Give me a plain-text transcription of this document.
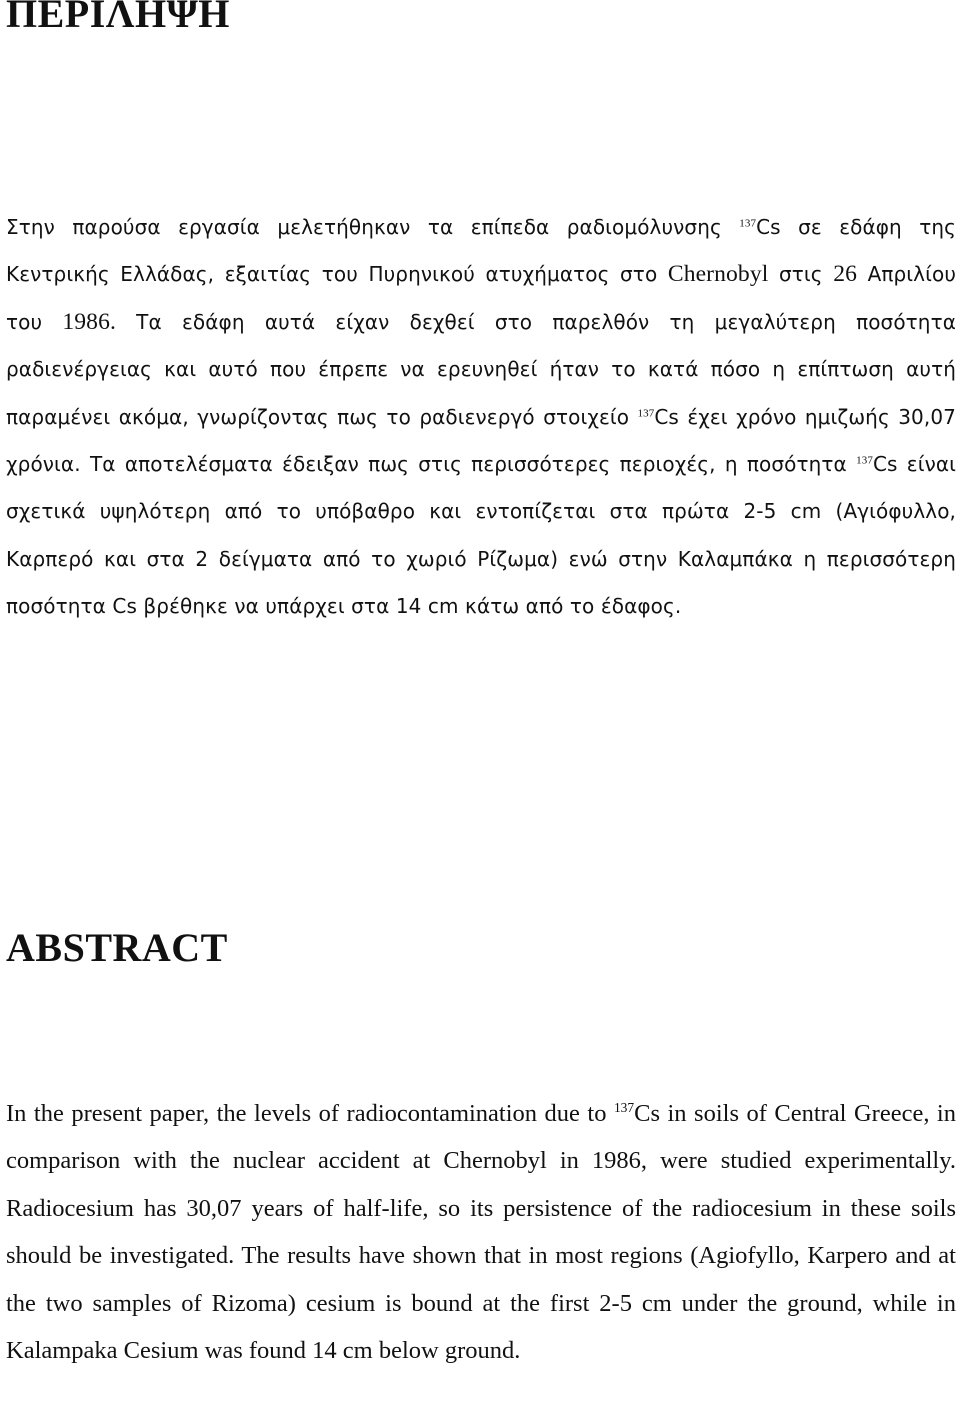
ΠΕΡΙΛΗΨΗ

Στην παρούσα εργασία μελετήθηκαν τα επίπεδα ραδιομόλυνσης $^{137}$Cs σε εδάφη της Κεντρικής Ελλάδας, εξαιτίας του Πυρηνικού ατυχήματος στο Chernobyl στις 26 Απριλίου του 1986. Τα εδάφη αυτά είχαν δεχθεί στο παρελθόν τη μεγαλύτερη ποσότητα ραδιενέργειας και αυτό που έπρεπε να ερευνηθεί ήταν το κατά πόσο η επίπτωση αυτή παραμένει ακόμα, γνωρίζοντας πως το ραδιενεργό στοιχείο $^{137}$Cs έχει χρόνο ημιζωής 30,07 χρόνια. Τα αποτελέσματα έδειξαν πως στις περισσότερες περιοχές, η ποσότητα $^{137}$Cs είναι σχετικά υψηλότερη από το υπόβαθρο και εντοπίζεται στα πρώτα 2-5 cm (Αγιόφυλλο, Καρπερό και στα 2 δείγματα από το χωριό Ρίζωμα) ενώ στην Καλαμπάκα η περισσότερη ποσότητα Cs βρέθηκε να υπάρχει στα 14 cm κάτω από το έδαφος.

ABSTRACT

In the present paper, the levels of radiocontamination due to $^{137}$Cs in soils of Central Greece, in comparison with the nuclear accident at Chernobyl in 1986, were studied experimentally. Radiocesium has 30,07 years of half-life, so its persistence of the radiocesium in these soils should be investigated. The results have shown that in most regions (Agiofyllo, Karpero and at the two samples of Rizoma) cesium is bound at the first 2-5 cm under the ground, while in Kalampaka Cesium was found 14 cm below ground.
